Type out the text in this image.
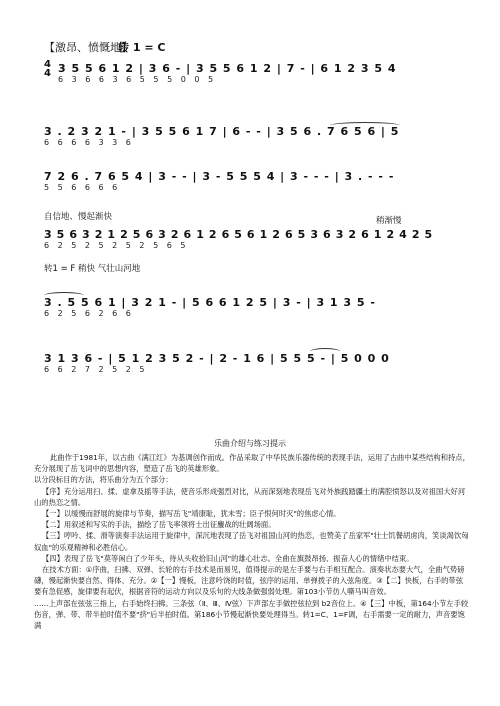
【激昂、愤慨地】
转 1 = C
4
4 3 5 5 6 1 2 | 3 6 - | 3 5 5 6 1 2 | 7 - | 6 1 2 3 5 4
6 3 6 6 3 6 5 5 5 0 0 5
3 . 2 3 2 1 - | 3 5 5 6 1 7 | 6 - - | 3 5 6 . 7 6 5 6 | 5
6 6 6 6 3 3 6
7 2 6 . 7 6 5 4 | 3 - - | 3 - 5 5 5 4 | 3 - - - | 3 . - - -
5 5 6 6 6 6
自信地、慢起渐快	稍渐慢
3 5 6 3 2 1 2 5 6 3 2 6 1 2 6 5 6 1 2 6 5 3 6 3 2 6 1 2 4 2 5
6 2 5 2 5 2 5 2 5 6 5
转1 = F 稍快 气壮山河地
3 . 5 5 6 1 | 3 2 1 - | 5 6 6 1 2 5 | 3 - | 3 1 3 5 -
6 2 5 6 2 6 6
3 1 3 6 - | 5 1 2 3 5 2 - | 2 - 1 6 | 5 5 5 - | 5 0 0 0
6 6 2 7 2 5 2 5
乐曲介绍与练习提示

此曲作于1981年，以古曲《满江红》为基调创作而成。作品采取了中华民族乐器传统的表现手法，运用了古曲中某些结构和持点，充分展现了岳飞词中的思想内容，塑造了岳飞的英雄形象。

以分段标目的方法，将乐曲分为五个部分：

【序】充分运用扫、揉、虚拿及摇等手法，使音乐形成强烈对比，从而深刻地表现岳飞对外族践踏疆土的满腔愤怒以及对祖国大好河山的热恋之情。

【一】以缓慢而舒展的旋律与节奏，描写岳飞"靖康耻，犹未雪；臣子恨何时灭"的焦虑心情。

【二】用叙述和写实的手法，描绘了岳飞率领将士出征鏖战的壮阔场面。

【三】哼吟、揉、滑等演奏手法运用于旋律中，深沉地表现了岳飞对祖国山河的热恋，也赞美了岳家军"壮士饥餐胡虏肉，笑谈渴饮匈奴血"的乐观精神和必胜信心。

【四】表现了岳飞"莫等闲白了少年头，待从头收拾旧山河"的雄心壮志。全曲在旗鼓昂扬、振奋人心的情绪中结束。

在技术方面：①序曲，扫拂、双弹、长轮的右手技术是而易见，值得提示的是左手要与右手相互配合。演奏状态要大气，全曲气势磅礴，慢起渐快要自然、得体、充分。②【一】慢板，注意吟饶的时值，弦序的运用、单弹拨子的入弦角度。③【二】快板，右手的带弦要有急促感，旋律要有起伏，根据音符的运动方向以及乐句的大线条做强弱处理。第103小节仿人嘶马叫音效。

……上声部在弦弦三指上，右手始终扫拂。三条弦（Ⅱ、Ⅲ、Ⅳ弦）下声部左手做控弦拉到 b2音位上。④【三】中板，第164小节左手较伤音，弹、带、带半拍时值不要"挤"后半拍时值。第186小节慢起渐快要处理得当。转1=C、1=F调，右手需要一定的耐力，声音要饱满
